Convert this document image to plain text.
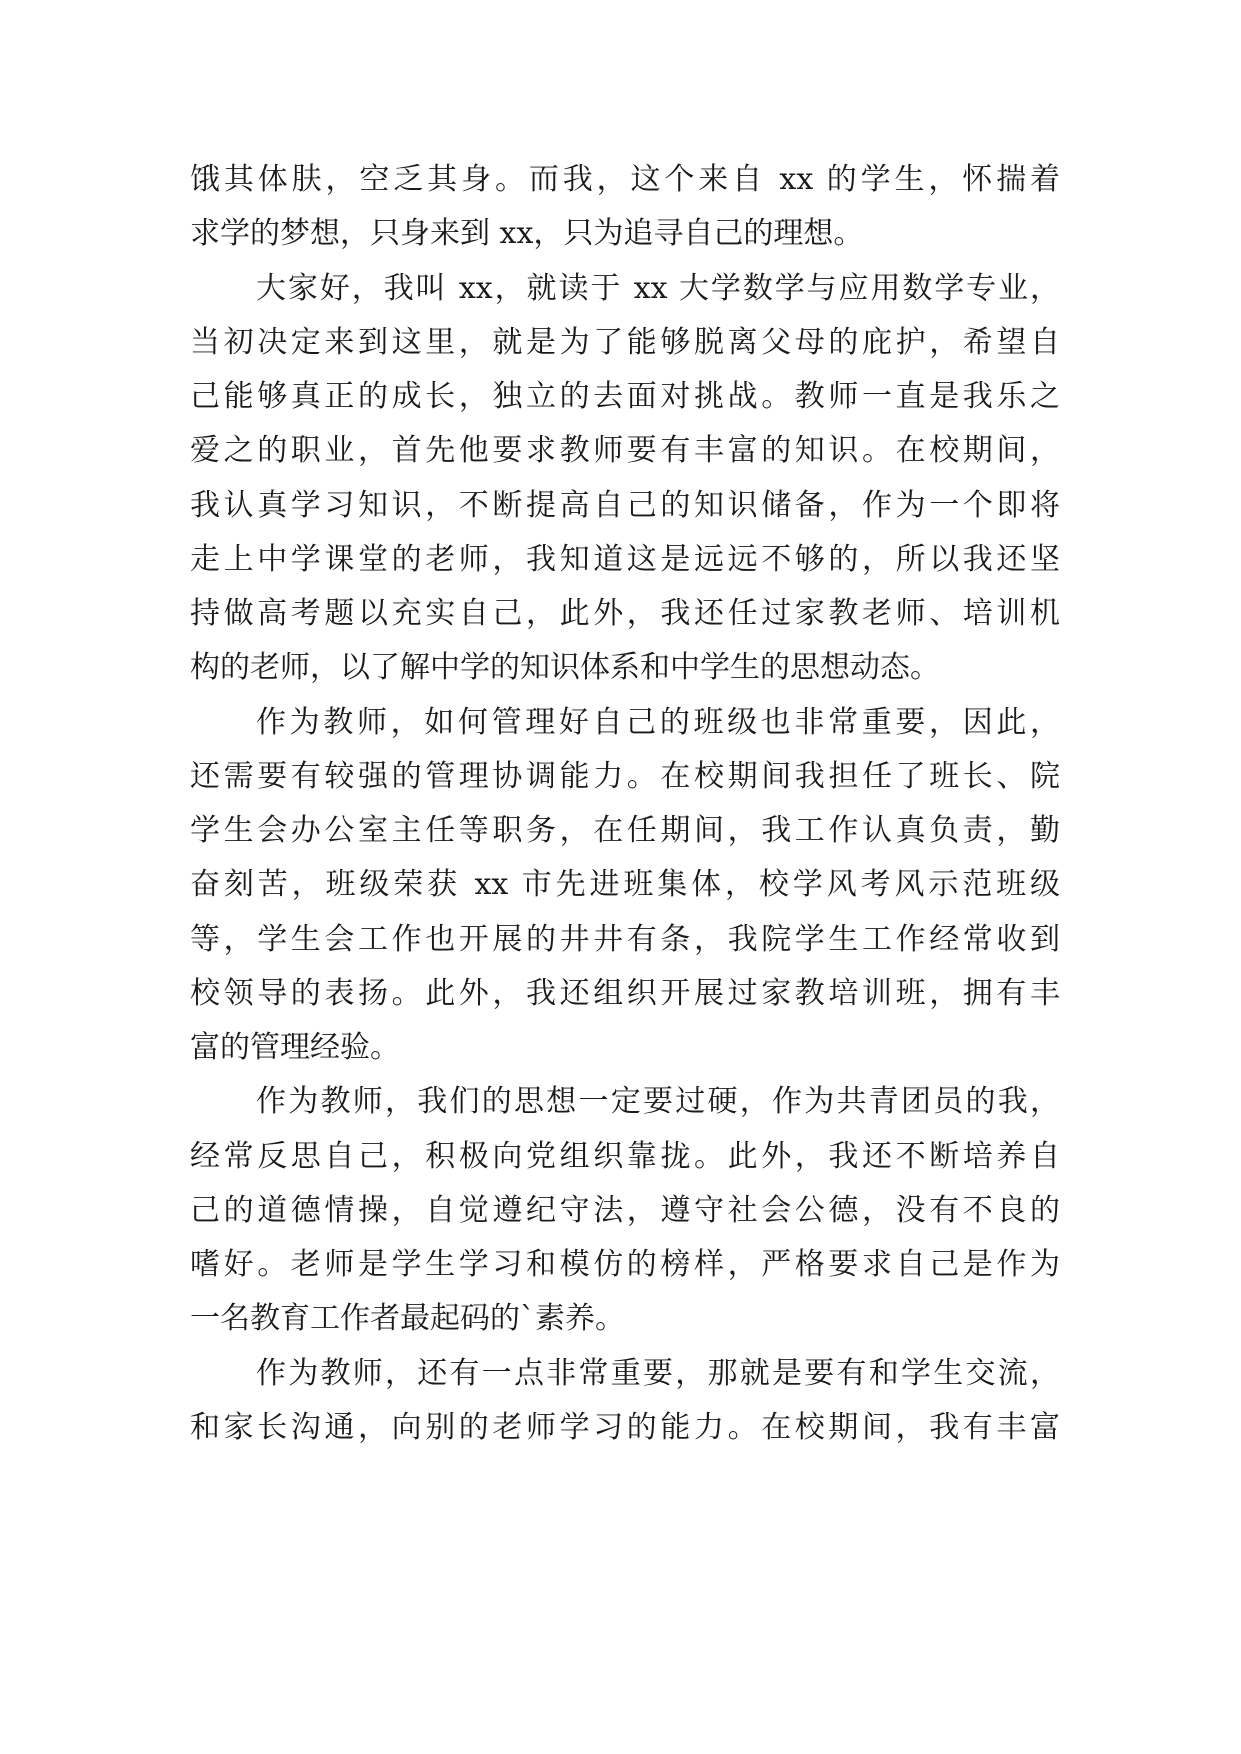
饿其体肤，空乏其身。而我，这个来自 xx 的学生，怀揣着
求学的梦想，只身来到 xx，只为追寻自己的理想。
大家好，我叫 xx，就读于 xx 大学数学与应用数学专业，
当初决定来到这里，就是为了能够脱离父母的庇护，希望自
己能够真正的成长，独立的去面对挑战。教师一直是我乐之
爱之的职业，首先他要求教师要有丰富的知识。在校期间，
我认真学习知识，不断提高自己的知识储备，作为一个即将
走上中学课堂的老师，我知道这是远远不够的，所以我还坚
持做高考题以充实自己，此外，我还任过家教老师、培训机
构的老师，以了解中学的知识体系和中学生的思想动态。
作为教师，如何管理好自己的班级也非常重要，因此，
还需要有较强的管理协调能力。在校期间我担任了班长、院
学生会办公室主任等职务，在任期间，我工作认真负责，勤
奋刻苦，班级荣获 xx 市先进班集体，校学风考风示范班级
等，学生会工作也开展的井井有条，我院学生工作经常收到
校领导的表扬。此外，我还组织开展过家教培训班，拥有丰
富的管理经验。
作为教师，我们的思想一定要过硬，作为共青团员的我，
经常反思自己，积极向党组织靠拢。此外，我还不断培养自
己的道德情操，自觉遵纪守法，遵守社会公德，没有不良的
嗜好。老师是学生学习和模仿的榜样，严格要求自己是作为
一名教育工作者最起码的`素养。
作为教师，还有一点非常重要，那就是要有和学生交流，
和家长沟通，向别的老师学习的能力。在校期间，我有丰富
